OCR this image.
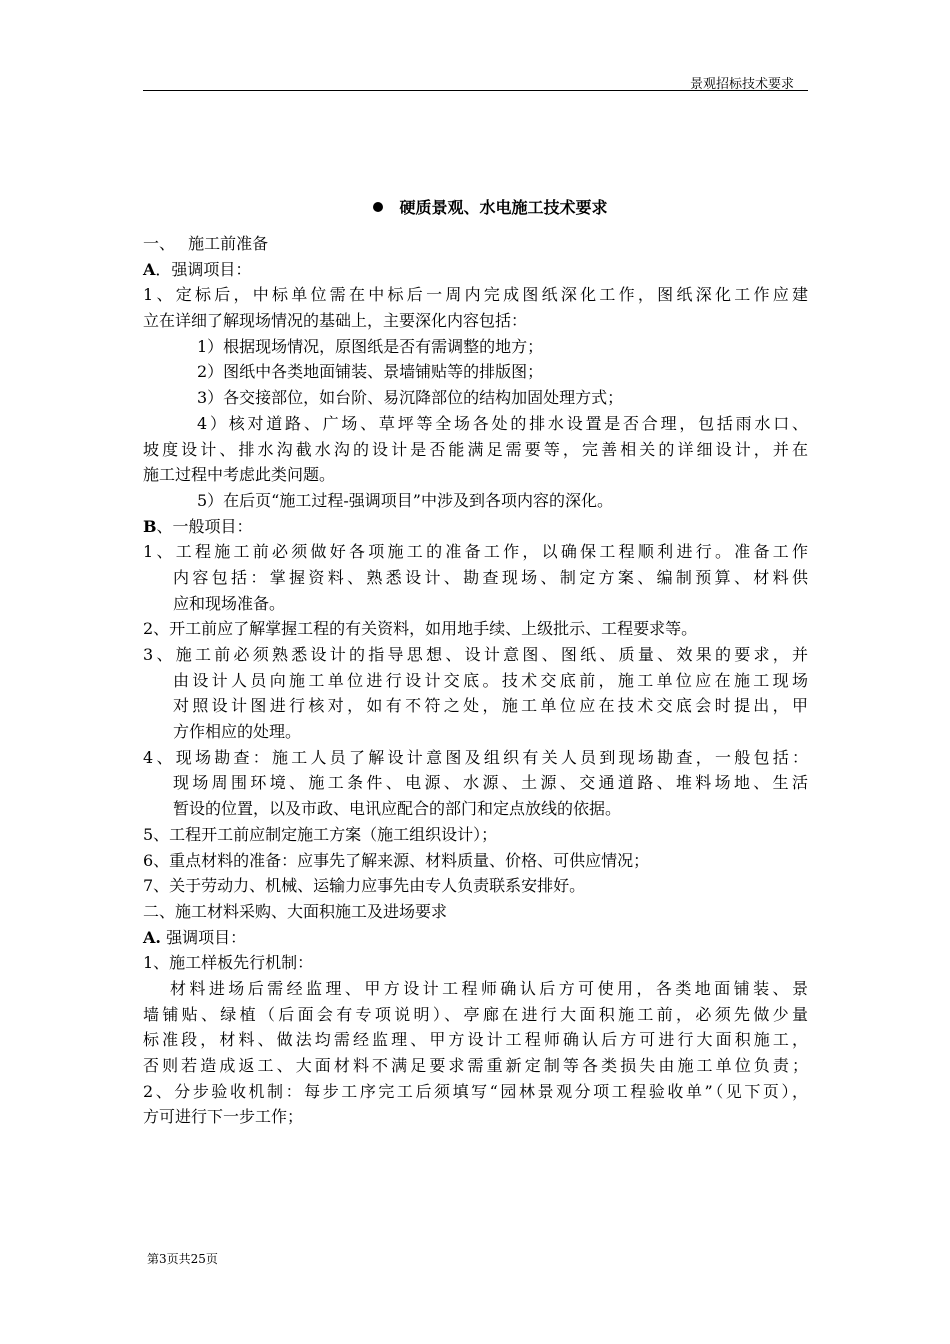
景观招标技术要求
硬质景观、水电施工技术要求
一、　 施工前准备
A．强调项目：
1、定标后，中标单位需在中标后一周内完成图纸深化工作，图纸深化工作应建
立在详细了解现场情况的基础上，主要深化内容包括：
1）根据现场情况，原图纸是否有需调整的地方；
2）图纸中各类地面铺装、景墙铺贴等的排版图；
3）各交接部位，如台阶、易沉降部位的结构加固处理方式；
4）核对道路、广场、草坪等全场各处的排水设置是否合理，包括雨水口、
坡度设计、排水沟截水沟的设计是否能满足需要等，完善相关的详细设计，并在
施工过程中考虑此类问题。
5）在后页“施工过程-强调项目”中涉及到各项内容的深化。
B、一般项目：
1、工程施工前必须做好各项施工的准备工作，以确保工程顺利进行。准备工作
内容包括：掌握资料、熟悉设计、勘查现场、制定方案、编制预算、材料供
应和现场准备。
2、开工前应了解掌握工程的有关资料，如用地手续、上级批示、工程要求等。
3、施工前必须熟悉设计的指导思想、设计意图、图纸、质量、效果的要求，并
由设计人员向施工单位进行设计交底。技术交底前，施工单位应在施工现场
对照设计图进行核对，如有不符之处，施工单位应在技术交底会时提出，甲
方作相应的处理。
4、现场勘查：施工人员了解设计意图及组织有关人员到现场勘查，一般包括：
现场周围环境、施工条件、电源、水源、土源、交通道路、堆料场地、生活
暂设的位置，以及市政、电讯应配合的部门和定点放线的依据。
5、工程开工前应制定施工方案（施工组织设计）；
6、重点材料的准备：应事先了解来源、材料质量、价格、可供应情况；
7、关于劳动力、机械、运输力应事先由专人负责联系安排好。
二、施工材料采购、大面积施工及进场要求
A. 强调项目：
1、施工样板先行机制：
材料进场后需经监理、甲方设计工程师确认后方可使用，各类地面铺装、景
墙铺贴、绿植（后面会有专项说明）、亭廊在进行大面积施工前，必须先做少量
标准段，材料、做法均需经监理、甲方设计工程师确认后方可进行大面积施工，
否则若造成返工、大面材料不满足要求需重新定制等各类损失由施工单位负责；
2、分步验收机制：每步工序完工后须填写“园林景观分项工程验收单”（见下页），
方可进行下一步工作；
第3页共25页
